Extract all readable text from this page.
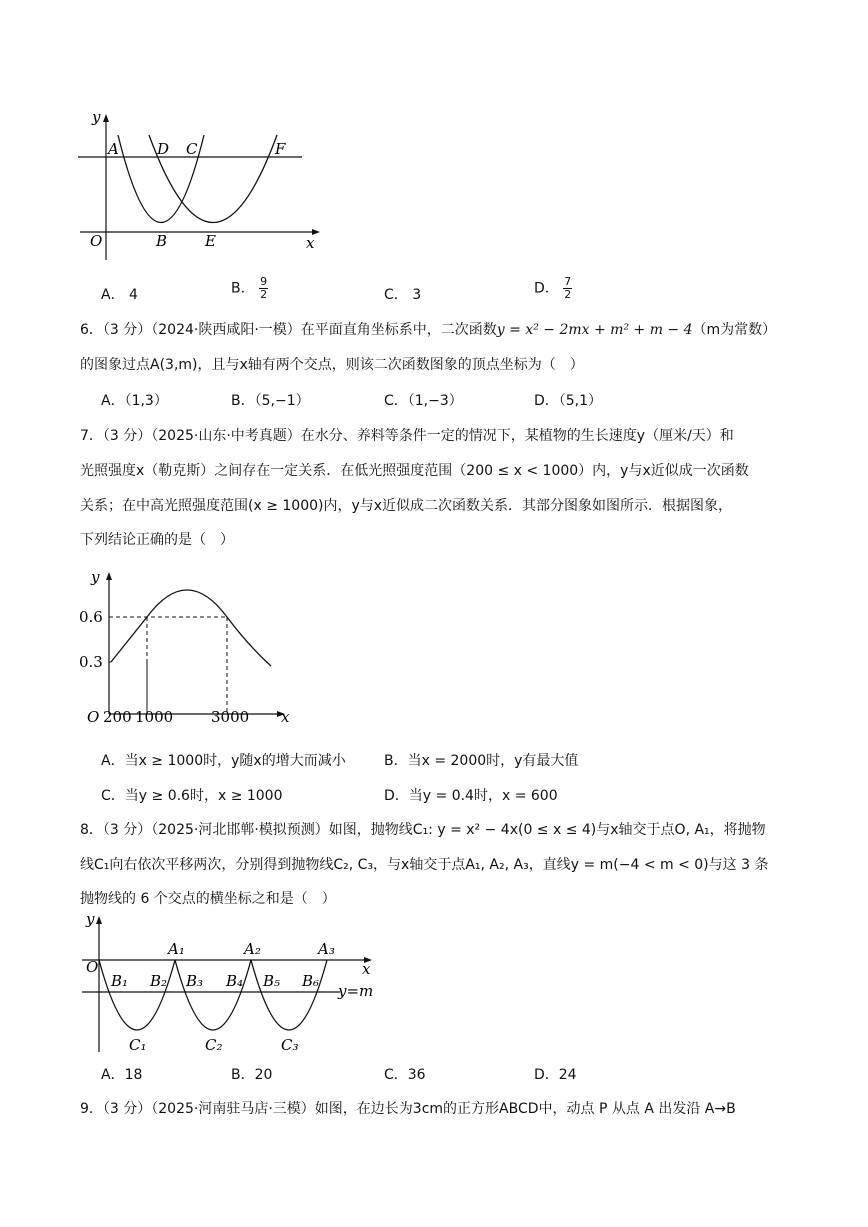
y
x
O
A
B
C
D
E
F
A． 4	B． $\frac{9}{2}$	C． 3	D． $\frac{7}{2}$
6．（3 分）（2024·陕西咸阳·一模）在平面直角坐标系中，二次函数y = x² − 2mx + m² + m − 4（m为常数）
的图象过点A(3,m)，且与x轴有两个交点，则该二次函数图象的顶点坐标为（　）
A．（1,3）	B．（5,−1）	C．（1,−3）	D．（5,1）
7．（3 分）（2025·山东·中考真题）在水分、养料等条件一定的情况下，某植物的生长速度y（厘米/天）和
光照强度x（勒克斯）之间存在一定关系．在低光照强度范围（200 ≤ x < 1000）内，y与x近似成一次函数
关系；在中高光照强度范围(x ≥ 1000)内，y与x近似成二次函数关系．其部分图象如图所示．根据图象，
下列结论正确的是（　）
y
x
O
0.6
0.3
200 1000	3000
A．当x ≥ 1000时，y随x的增大而减小	B．当x = 2000时，y有最大值
C．当y ≥ 0.6时，x ≥ 1000	D．当y = 0.4时，x = 600
8．（3 分）（2025·河北邯郸·模拟预测）如图，抛物线C₁: y = x² − 4x(0 ≤ x ≤ 4)与x轴交于点O, A₁，将抛物
线C₁向右依次平移两次，分别得到抛物线C₂, C₃，与x轴交于点A₁, A₂, A₃，直线y = m(−4 < m < 0)与这 3 条
抛物线的 6 个交点的横坐标之和是（　）
y
x
O
y=m
A₁	A₂	A₃
B₁ B₂ B₃ B₄ B₅ B₆
C₁	C₂	C₃
A．18	B．20	C．36	D．24
9．（3 分）（2025·河南驻马店·三模）如图，在边长为3cm的正方形ABCD中，动点 P 从点 A 出发沿 A→B
